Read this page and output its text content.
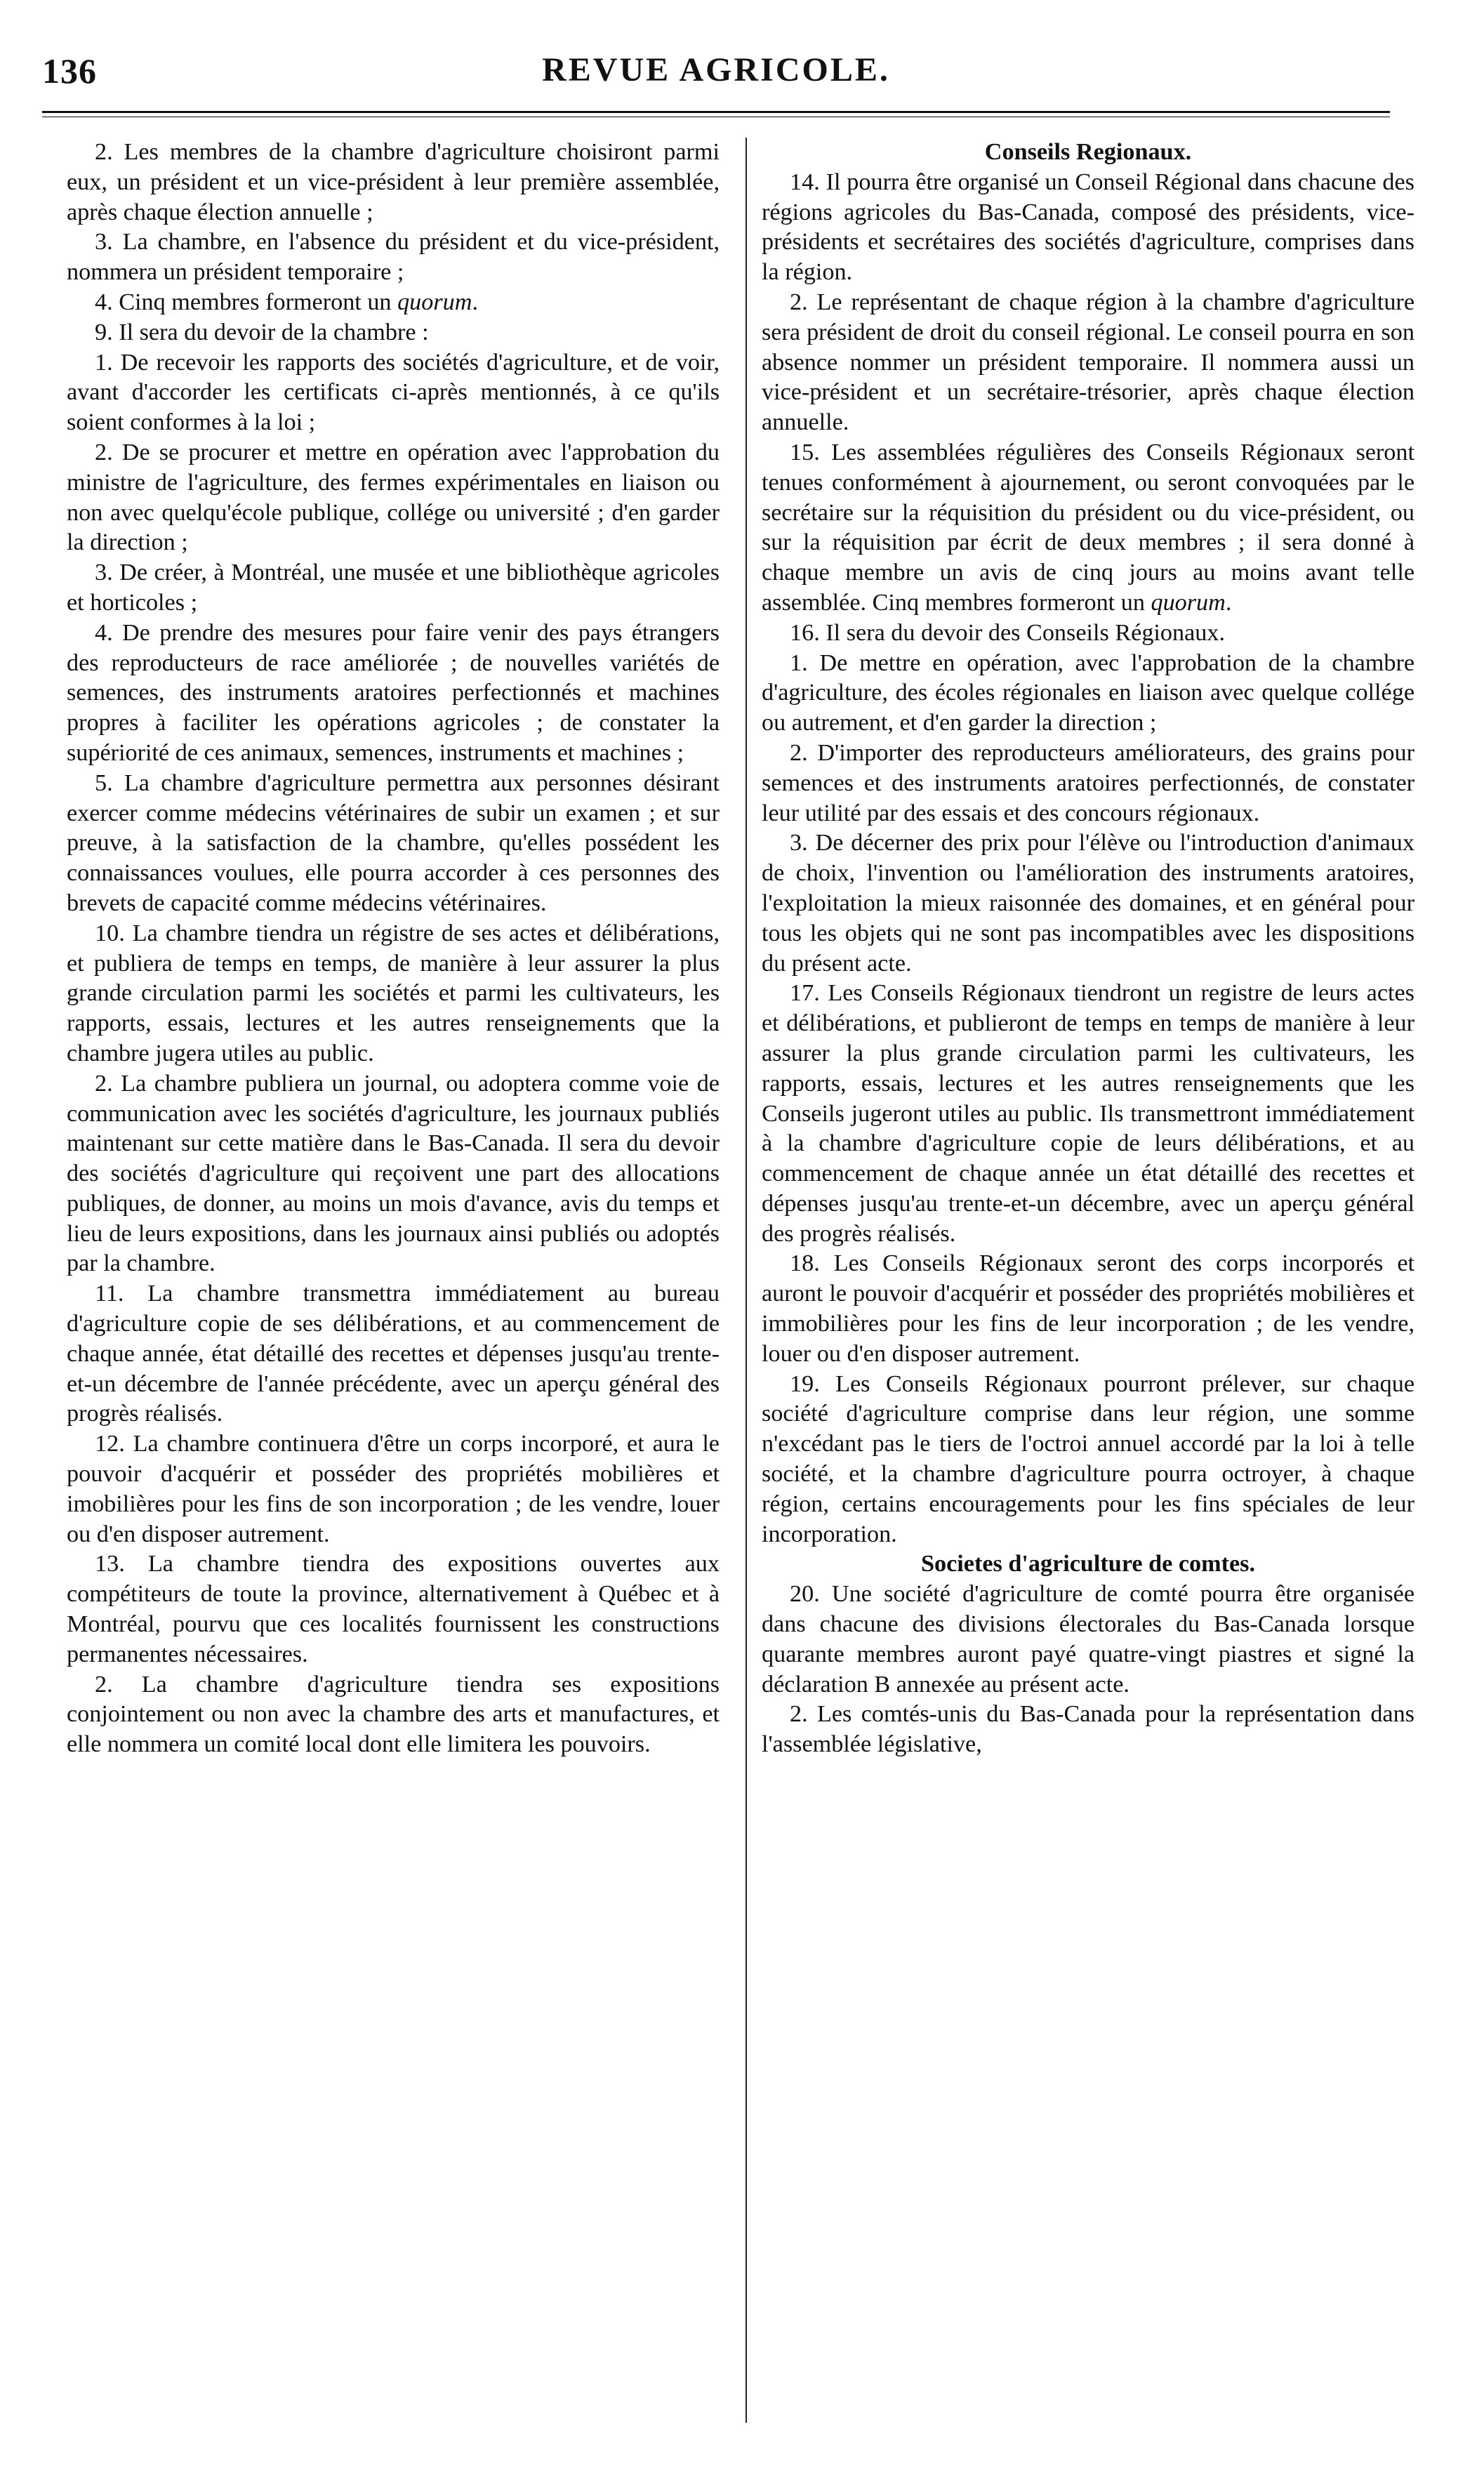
136	REVUE AGRICOLE.

2. Les membres de la chambre d'agriculture choisiront parmi eux, un président et un vice-président à leur première assemblée, après chaque élection annuelle ;

3. La chambre, en l'absence du président et du vice-président, nommera un président temporaire ;

4. Cinq membres formeront un quorum.

9. Il sera du devoir de la chambre :

1. De recevoir les rapports des sociétés d'agriculture, et de voir, avant d'accorder les certificats ci-après mentionnés, à ce qu'ils soient conformes à la loi ;

2. De se procurer et mettre en opération avec l'approbation du ministre de l'agriculture, des fermes expérimentales en liaison ou non avec quelqu'école publique, collége ou université ; d'en garder la direction ;

3. De créer, à Montréal, une musée et une bibliothèque agricoles et horticoles ;

4. De prendre des mesures pour faire venir des pays étrangers des reproducteurs de race améliorée ; de nouvelles variétés de semences, des instruments aratoires perfectionnés et machines propres à faciliter les opérations agricoles ; de constater la supériorité de ces animaux, semences, instruments et machines ;

5. La chambre d'agriculture permettra aux personnes désirant exercer comme médecins vétérinaires de subir un examen ; et sur preuve, à la satisfaction de la chambre, qu'elles possédent les connaissances voulues, elle pourra accorder à ces personnes des brevets de capacité comme médecins vétérinaires.

10. La chambre tiendra un régistre de ses actes et délibérations, et publiera de temps en temps, de manière à leur assurer la plus grande circulation parmi les sociétés et parmi les cultivateurs, les rapports, essais, lectures et les autres renseignements que la chambre jugera utiles au public.

2. La chambre publiera un journal, ou adoptera comme voie de communication avec les sociétés d'agriculture, les journaux publiés maintenant sur cette matière dans le Bas-Canada. Il sera du devoir des sociétés d'agriculture qui reçoivent une part des allocations publiques, de donner, au moins un mois d'avance, avis du temps et lieu de leurs expositions, dans les journaux ainsi publiés ou adoptés par la chambre.

11. La chambre transmettra immédiatement au bureau d'agriculture copie de ses délibérations, et au commencement de chaque année, état détaillé des recettes et dépenses jusqu'au trente-et-un décembre de l'année précédente, avec un aperçu général des progrès réalisés.

12. La chambre continuera d'être un corps incorporé, et aura le pouvoir d'acquérir et posséder des propriétés mobilières et imobilières pour les fins de son incorporation ; de les vendre, louer ou d'en disposer autrement.

13. La chambre tiendra des expositions ouvertes aux compétiteurs de toute la province, alternativement à Québec et à Montréal, pourvu que ces localités fournissent les constructions permanentes nécessaires.

2. La chambre d'agriculture tiendra ses expositions conjointement ou non avec la chambre des arts et manufactures, et elle nommera un comité local dont elle limitera les pouvoirs.

Conseils Regionaux.

14. Il pourra être organisé un Conseil Régional dans chacune des régions agricoles du Bas-Canada, composé des présidents, vice-présidents et secrétaires des sociétés d'agriculture, comprises dans la région.

2. Le représentant de chaque région à la chambre d'agriculture sera président de droit du conseil régional. Le conseil pourra en son absence nommer un président temporaire. Il nommera aussi un vice-président et un secrétaire-trésorier, après chaque élection annuelle.

15. Les assemblées régulières des Conseils Régionaux seront tenues conformément à ajournement, ou seront convoquées par le secrétaire sur la réquisition du président ou du vice-président, ou sur la réquisition par écrit de deux membres ; il sera donné à chaque membre un avis de cinq jours au moins avant telle assemblée. Cinq membres formeront un quorum.

16. Il sera du devoir des Conseils Régionaux.

1. De mettre en opération, avec l'approbation de la chambre d'agriculture, des écoles régionales en liaison avec quelque collége ou autrement, et d'en garder la direction ;

2. D'importer des reproducteurs améliorateurs, des grains pour semences et des instruments aratoires perfectionnés, de constater leur utilité par des essais et des concours régionaux.

3. De décerner des prix pour l'élève ou l'introduction d'animaux de choix, l'invention ou l'amélioration des instruments aratoires, l'exploitation la mieux raisonnée des domaines, et en général pour tous les objets qui ne sont pas incompatibles avec les dispositions du présent acte.

17. Les Conseils Régionaux tiendront un registre de leurs actes et délibérations, et publieront de temps en temps de manière à leur assurer la plus grande circulation parmi les cultivateurs, les rapports, essais, lectures et les autres renseignements que les Conseils jugeront utiles au public. Ils transmettront immédiatement à la chambre d'agriculture copie de leurs délibérations, et au commencement de chaque année un état détaillé des recettes et dépenses jusqu'au trente-et-un décembre, avec un aperçu général des progrès réalisés.

18. Les Conseils Régionaux seront des corps incorporés et auront le pouvoir d'acquérir et posséder des propriétés mobilières et immobilières pour les fins de leur incorporation ; de les vendre, louer ou d'en disposer autrement.

19. Les Conseils Régionaux pourront prélever, sur chaque société d'agriculture comprise dans leur région, une somme n'excédant pas le tiers de l'octroi annuel accordé par la loi à telle société, et la chambre d'agriculture pourra octroyer, à chaque région, certains encouragements pour les fins spéciales de leur incorporation.

Societes d'agriculture de comtes.

20. Une société d'agriculture de comté pourra être organisée dans chacune des divisions électorales du Bas-Canada lorsque quarante membres auront payé quatre-vingt piastres et signé la déclaration B annexée au présent acte.

2. Les comtés-unis du Bas-Canada pour la représentation dans l'assemblée législative,
